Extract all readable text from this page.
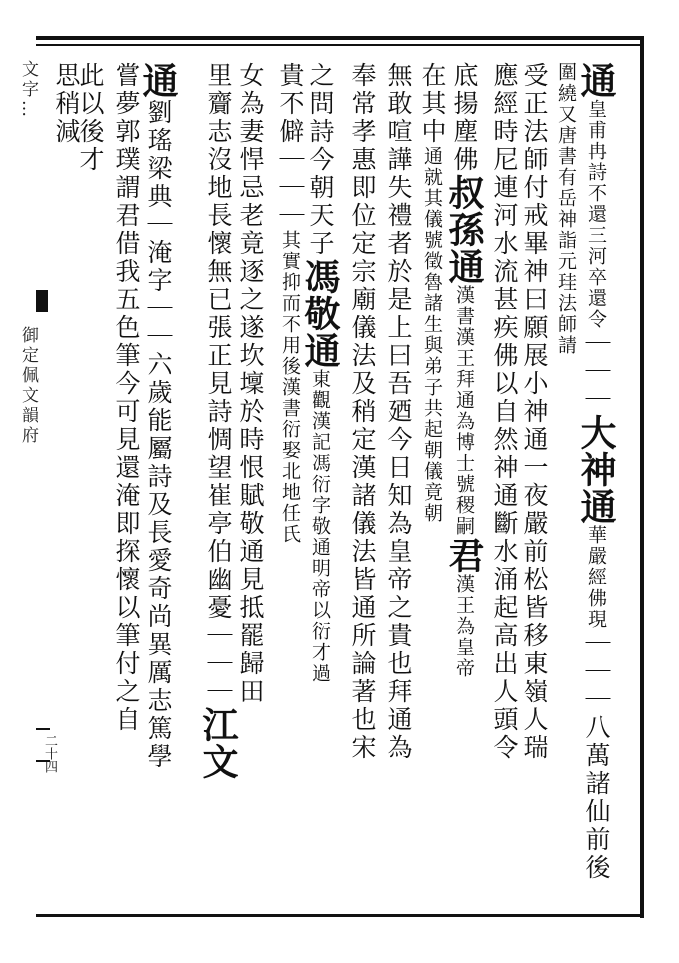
文字…
御定佩文韻府
二十四
通皇甫冉詩不還三河卒還令｜｜｜大神通華嚴經佛現｜｜｜八萬諸仙前後
圍繞又唐書有岳神詣元珪法師請
受正法師付戒畢神曰願展小神通一夜嚴前松皆移東嶺人瑞
應經時尼連河水流甚疾佛以自然神通斷水涌起高出人頭令
底揚塵佛叔孫通漢書漢王拜通為博士號稷嗣君漢王為皇帝
在其中通就其儀號徵魯諸生與弟子共起朝儀竟朝
無敢喧譁失禮者於是上曰吾廼今日知為皇帝之貴也拜通為
奉常孝惠即位定宗廟儀法及稍定漢諸儀法皆通所論著也宋
之問詩今朝天子馮敬通東觀漢記馮衍字敬通明帝以衍才過
貴不僻｜｜｜其實抑而不用後漢書衍娶北地任氏
女為妻悍忌老竟逐之遂坎壈於時恨賦敬通見抵罷歸田
里齎志沒地長懷無已張正見詩惆望崔亭伯幽憂｜｜｜江文
通劉瑤梁典｜淹字｜｜六歲能屬詩及長愛奇尚異厲志篤學
嘗夢郭璞謂君借我五色筆今可見還淹即探懷以筆付之自
此以後才
思稍減
